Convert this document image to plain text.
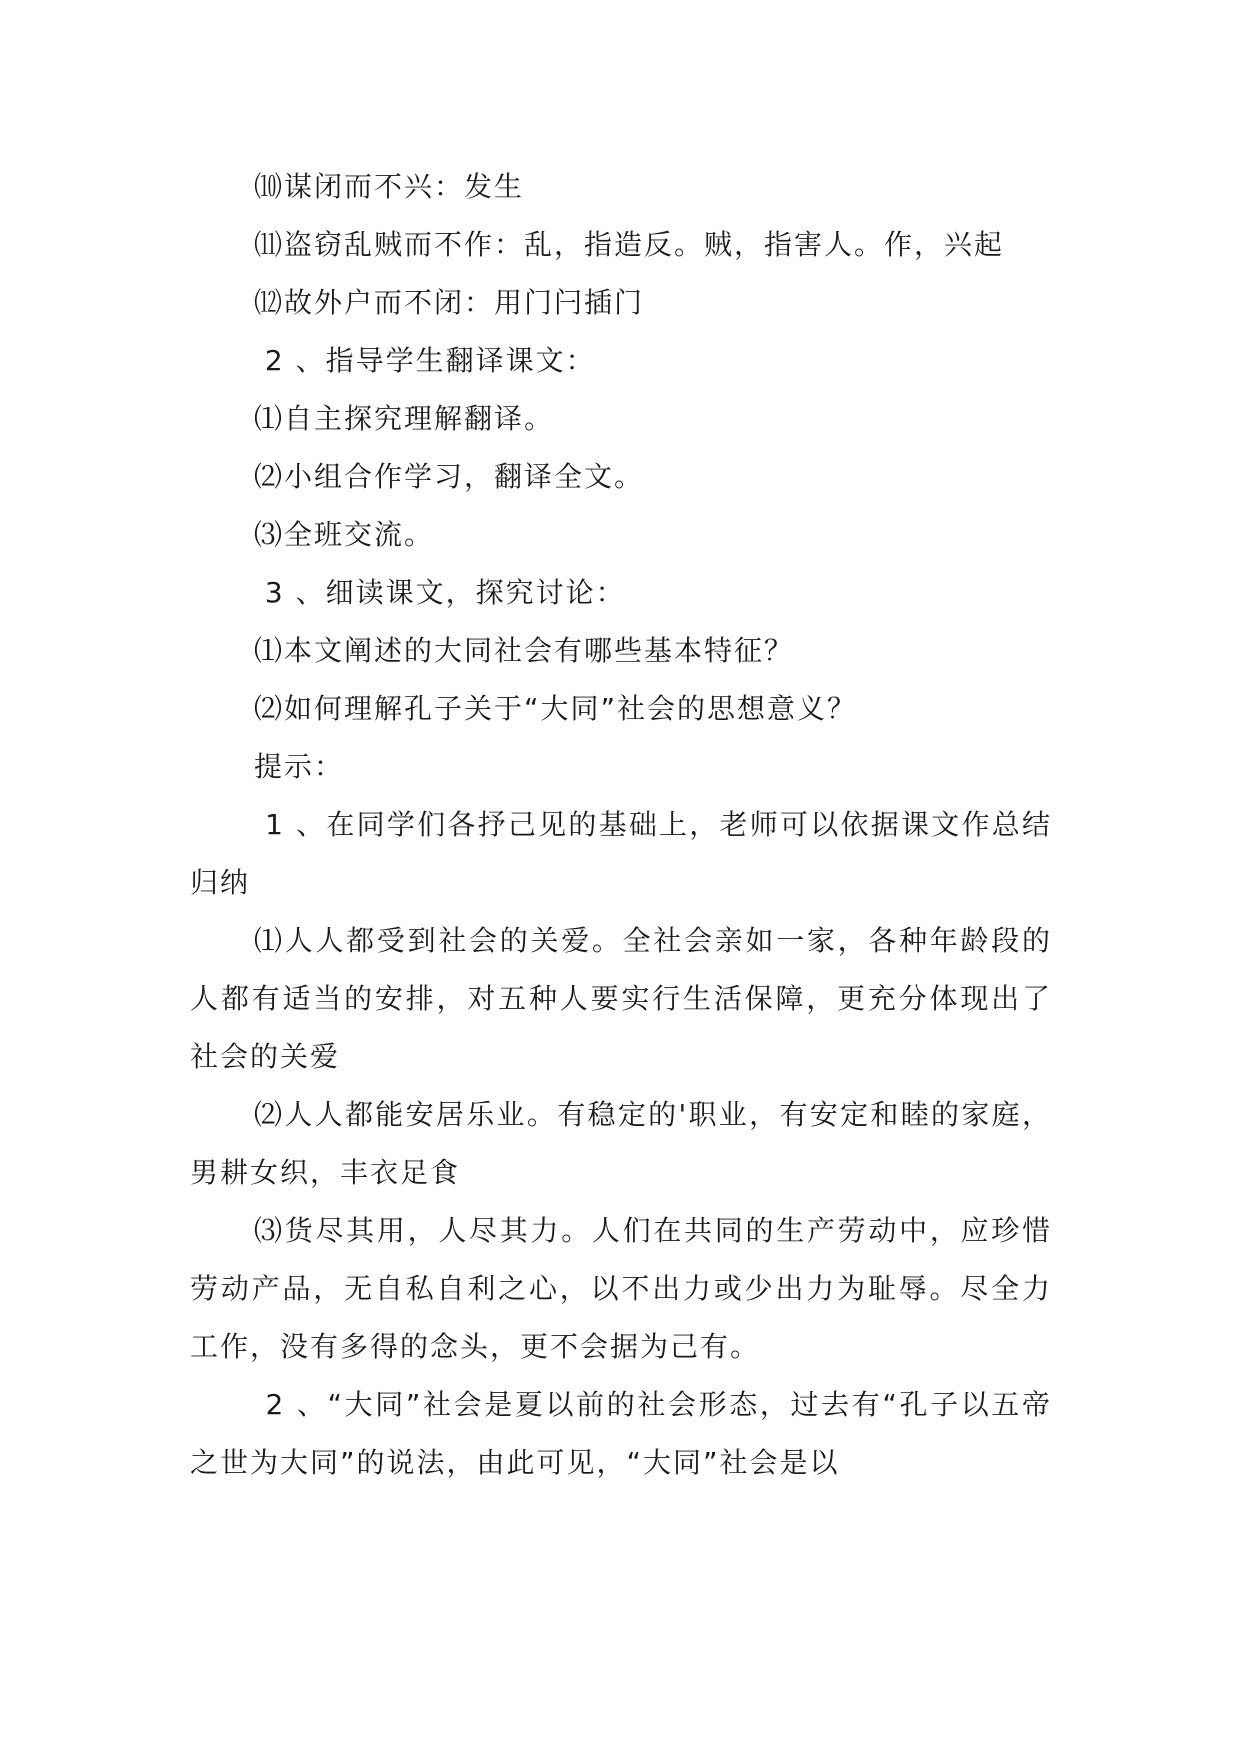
⑽谋闭而不兴：发生

⑾盗窃乱贼而不作：乱，指造反。贼，指害人。作，兴起

⑿故外户而不闭：用门闩插门

2 、指导学生翻译课文：

⑴自主探究理解翻译。

⑵小组合作学习，翻译全文。

⑶全班交流。

3 、细读课文，探究讨论：

⑴本文阐述的大同社会有哪些基本特征？

⑵如何理解孔子关于“大同”社会的思想意义？

提示：

1 、在同学们各抒己见的基础上，老师可以依据课文作总结归纳

⑴人人都受到社会的关爱。全社会亲如一家，各种年龄段的人都有适当的安排，对五种人要实行生活保障，更充分体现出了社会的关爱

⑵人人都能安居乐业。有稳定的'职业，有安定和睦的家庭，男耕女织，丰衣足食

⑶货尽其用，人尽其力。人们在共同的生产劳动中，应珍惜劳动产品，无自私自利之心，以不出力或少出力为耻辱。尽全力工作，没有多得的念头，更不会据为己有。

2 、“大同”社会是夏以前的社会形态，过去有“孔子以五帝之世为大同”的说法，由此可见，“大同”社会是以
